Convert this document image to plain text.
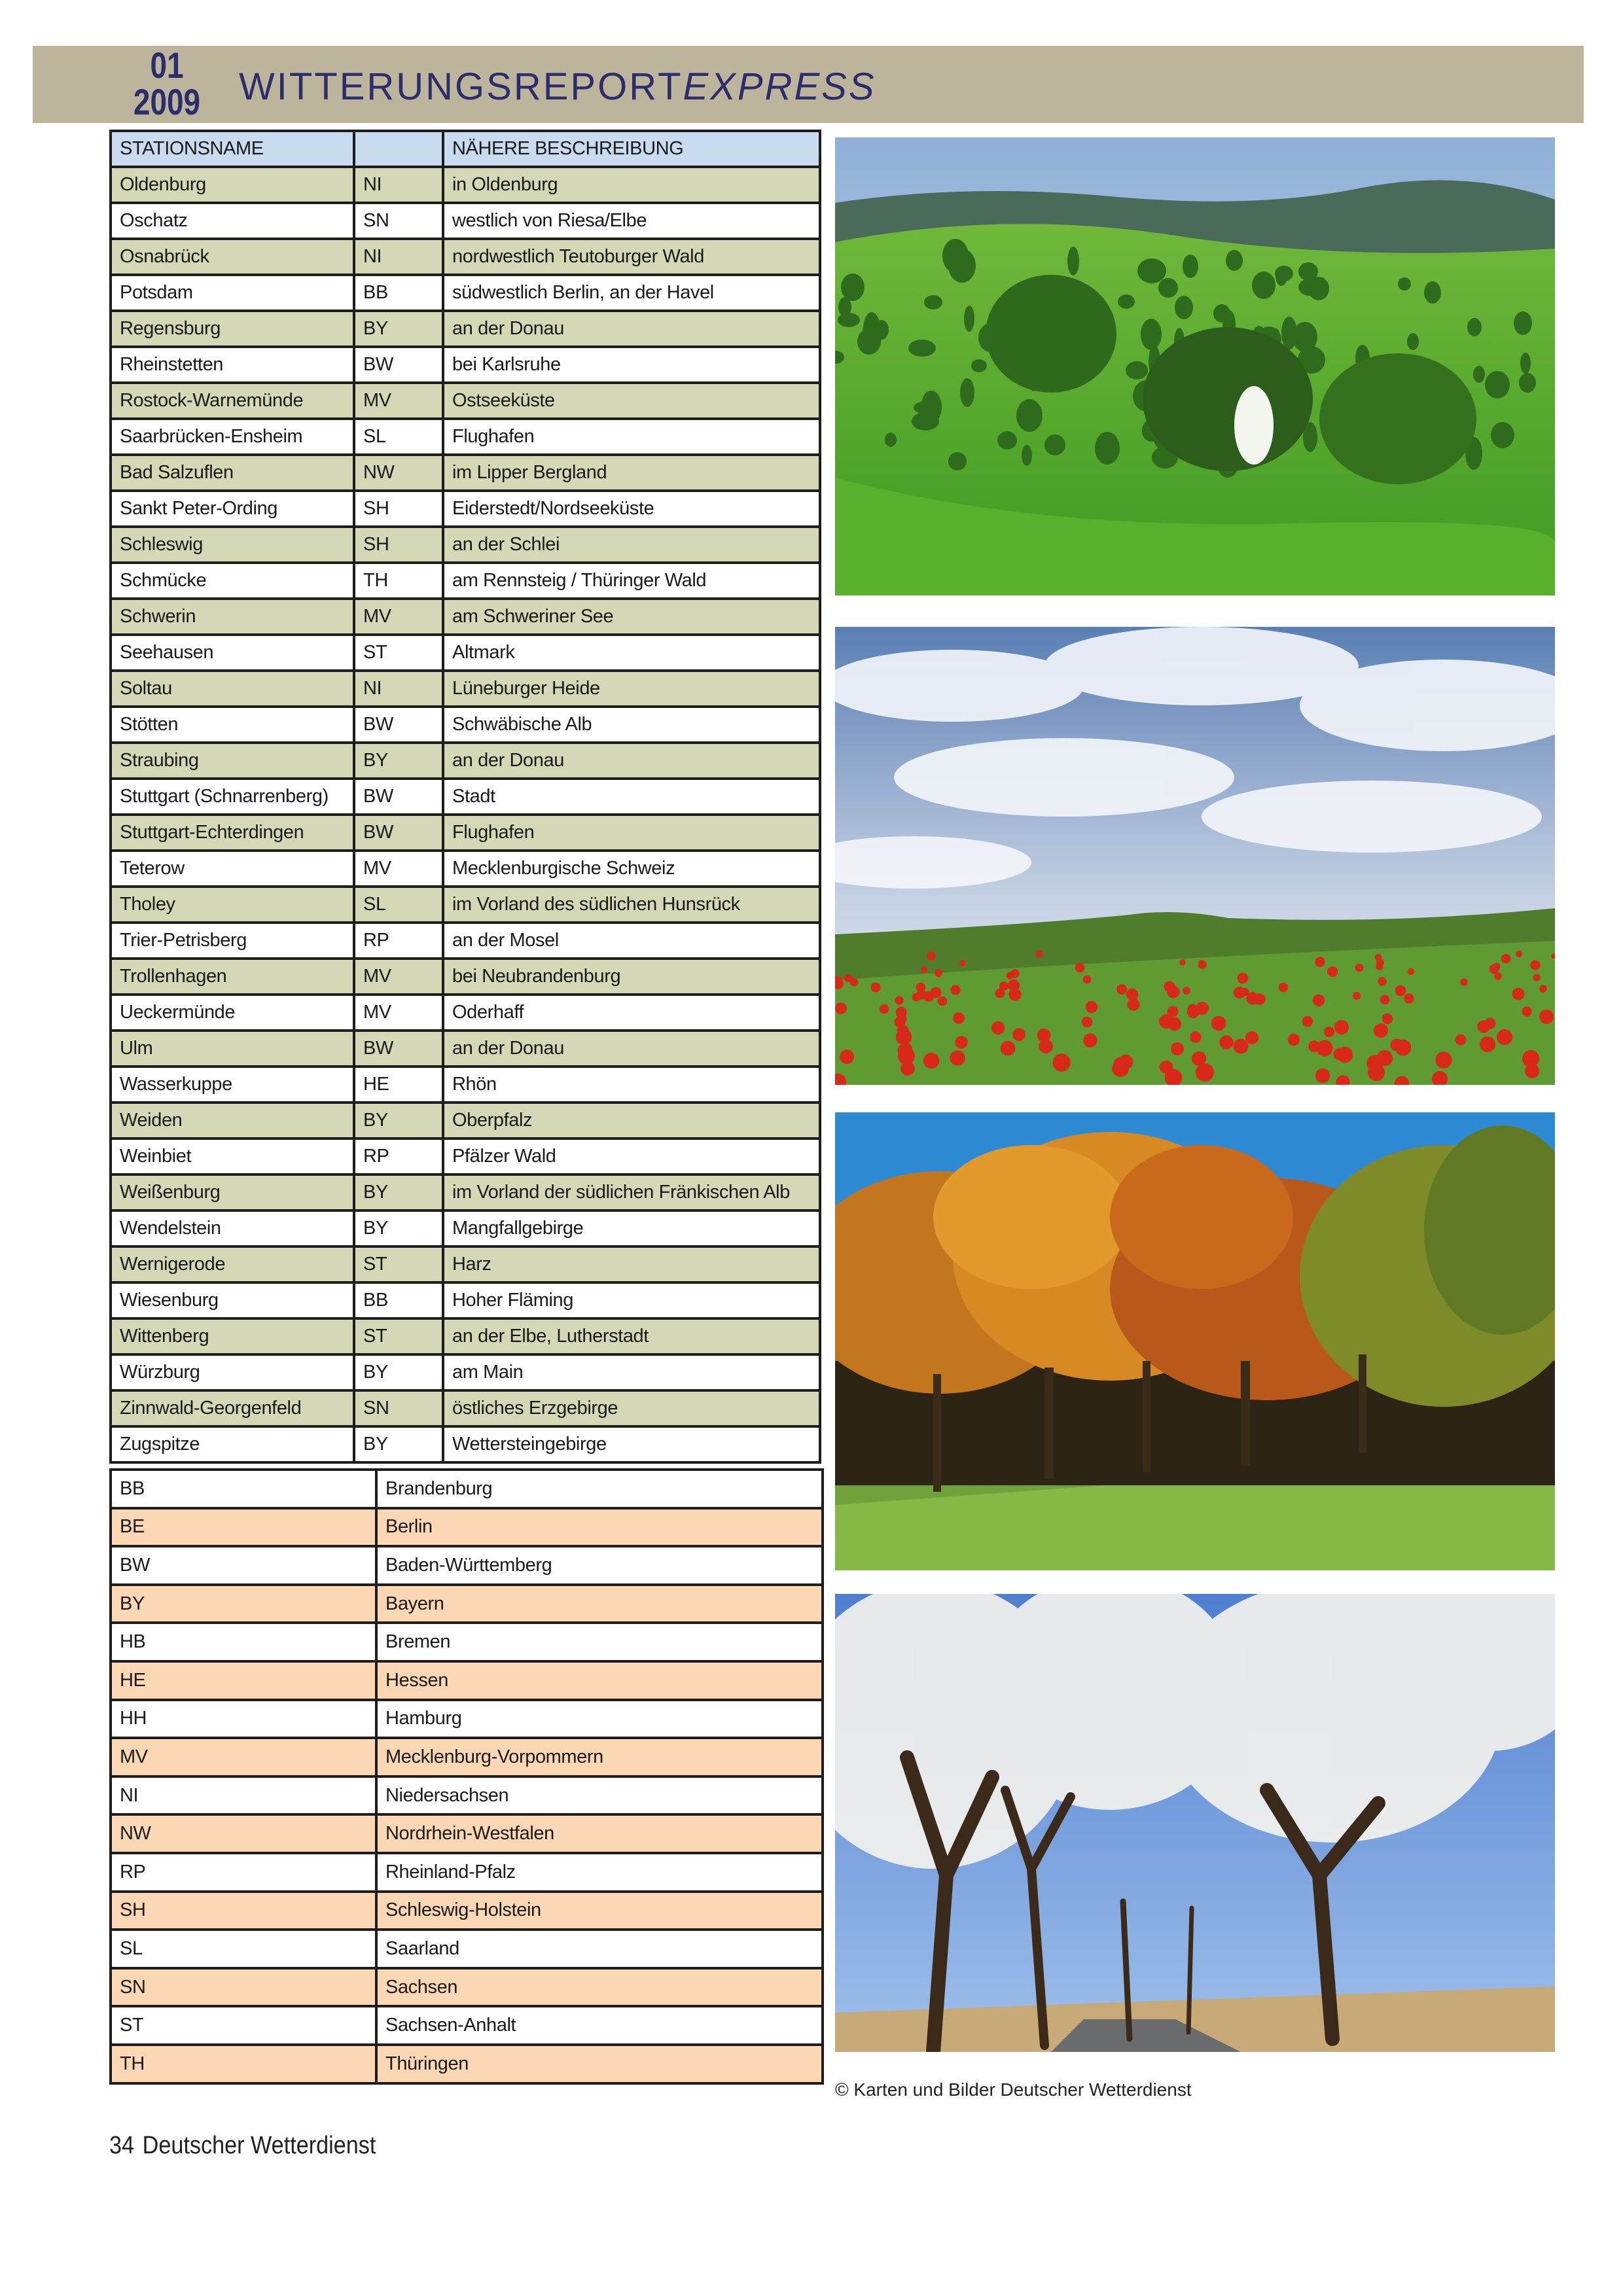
01
2009 WITTERUNGSREPORTEXPRESS
STATIONSNAME		NÄHERE BESCHREIBUNG
Oldenburg	NI	in Oldenburg
Oschatz	SN	westlich von Riesa/Elbe
Osnabrück	NI	nordwestlich Teutoburger Wald
Potsdam	BB	südwestlich Berlin, an der Havel
Regensburg	BY	an der Donau
Rheinstetten	BW	bei Karlsruhe
Rostock-Warnemünde	MV	Ostseeküste
Saarbrücken-Ensheim	SL	Flughafen
Bad Salzuflen	NW	im Lipper Bergland
Sankt Peter-Ording	SH	Eiderstedt/Nordseeküste
Schleswig	SH	an der Schlei
Schmücke	TH	am Rennsteig / Thüringer Wald
Schwerin	MV	am Schweriner See
Seehausen	ST	Altmark
Soltau	NI	Lüneburger Heide
Stötten	BW	Schwäbische Alb
Straubing	BY	an der Donau
Stuttgart (Schnarrenberg)	BW	Stadt
Stuttgart-Echterdingen	BW	Flughafen
Teterow	MV	Mecklenburgische Schweiz
Tholey	SL	im Vorland des südlichen Hunsrück
Trier-Petrisberg	RP	an der Mosel
Trollenhagen	MV	bei Neubrandenburg
Ueckermünde	MV	Oderhaff
Ulm	BW	an der Donau
Wasserkuppe	HE	Rhön
Weiden	BY	Oberpfalz
Weinbiet	RP	Pfälzer Wald
Weißenburg	BY	im Vorland der südlichen Fränkischen Alb
Wendelstein	BY	Mangfallgebirge
Wernigerode	ST	Harz
Wiesenburg	BB	Hoher Fläming
Wittenberg	ST	an der Elbe, Lutherstadt
Würzburg	BY	am Main
Zinnwald-Georgenfeld	SN	östliches Erzgebirge
Zugspitze	BY	Wettersteingebirge
BB	Brandenburg
BE	Berlin
BW	Baden-Württemberg
BY	Bayern
HB	Bremen
HE	Hessen
HH	Hamburg
MV	Mecklenburg-Vorpommern
NI	Niedersachsen
NW	Nordrhein-Westfalen
RP	Rheinland-Pfalz
SH	Schleswig-Holstein
SL	Saarland
SN	Sachsen
ST	Sachsen-Anhalt
TH	Thüringen
© Karten und Bilder Deutscher Wetterdienst
34 Deutscher Wetterdienst
